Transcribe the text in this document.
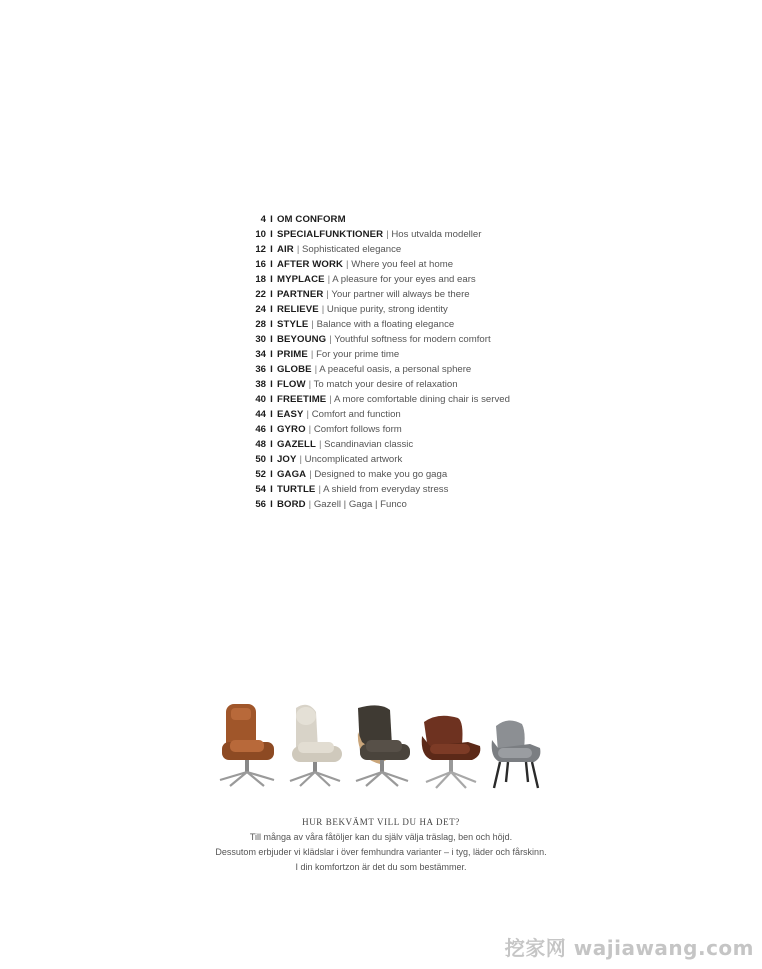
4 I OM CONFORM
10 I SPECIALFUNKTIONER | Hos utvalda modeller
12 I AIR | Sophisticated elegance
16 I AFTER WORK | Where you feel at home
18 I MYPLACE | A pleasure for your eyes and ears
22 I PARTNER | Your partner will always be there
24 I RELIEVE | Unique purity, strong identity
28 I STYLE | Balance with a floating elegance
30 I BEYOUNG | Youthful softness for modern comfort
34 I PRIME | For your prime time
36 I GLOBE | A peaceful oasis, a personal sphere
38 I FLOW | To match your desire of relaxation
40 I FREETIME | A more comfortable dining chair is served
44 I EASY | Comfort and function
46 I GYRO | Comfort follows form
48 I GAZELL | Scandinavian classic
50 I JOY | Uncomplicated artwork
52 I GAGA | Designed to make you go gaga
54 I TURTLE | A shield from everyday stress
56 I BORD | Gazell | Gaga | Funco
HUR BEKVÄMT VILL DU HA DET?
Till många av våra fåtöljer kan du själv välja träslag, ben och höjd.
Dessutom erbjuder vi klädslar i över femhundra varianter – i tyg, läder och fårskinn.
I din komfortzon är det du som bestämmer.
挖家网 wajiawang.com
